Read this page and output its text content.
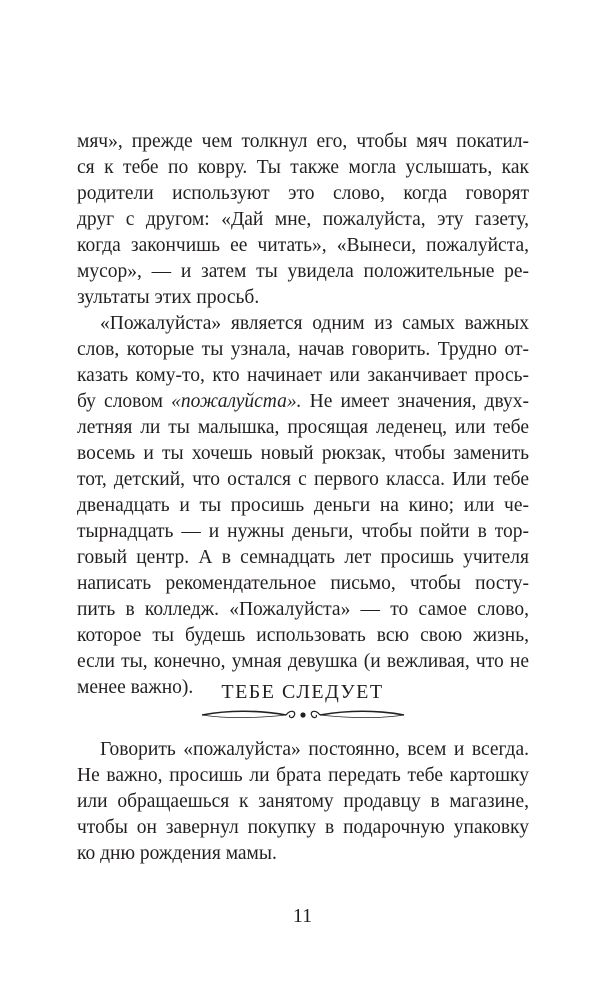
мяч», прежде чем толкнул его, чтобы мяч покатил-
ся к тебе по ковру. Ты также могла услышать, как
родители используют это слово, когда говорят
друг с другом: «Дай мне, пожалуйста, эту газету,
когда закончишь ее читать», «Вынеси, пожалуйста,
мусор», — и затем ты увидела положительные ре-
зультаты этих просьб.
«Пожалуйста» является одним из самых важных
слов, которые ты узнала, начав говорить. Трудно от-
казать кому-то, кто начинает или заканчивает прось-
бу словом «пожалуйста». Не имеет значения, двух-
летняя ли ты малышка, просящая леденец, или тебе
восемь и ты хочешь новый рюкзак, чтобы заменить
тот, детский, что остался с первого класса. Или тебе
двенадцать и ты просишь деньги на кино; или че-
тырнадцать — и нужны деньги, чтобы пойти в тор-
говый центр. А в семнадцать лет просишь учителя
написать рекомендательное письмо, чтобы посту-
пить в колледж. «Пожалуйста» — то самое слово,
которое ты будешь использовать всю свою жизнь,
если ты, конечно, умная девушка (и вежливая, что не
менее важно).	ТЕБЕ СЛЕДУЕТ
Говорить «пожалуйста» постоянно, всем и всегда.
Не важно, просишь ли брата передать тебе картошку
или обращаешься к занятому продавцу в магазине,
чтобы он завернул покупку в подарочную упаковку
ко дню рождения мамы.
11
